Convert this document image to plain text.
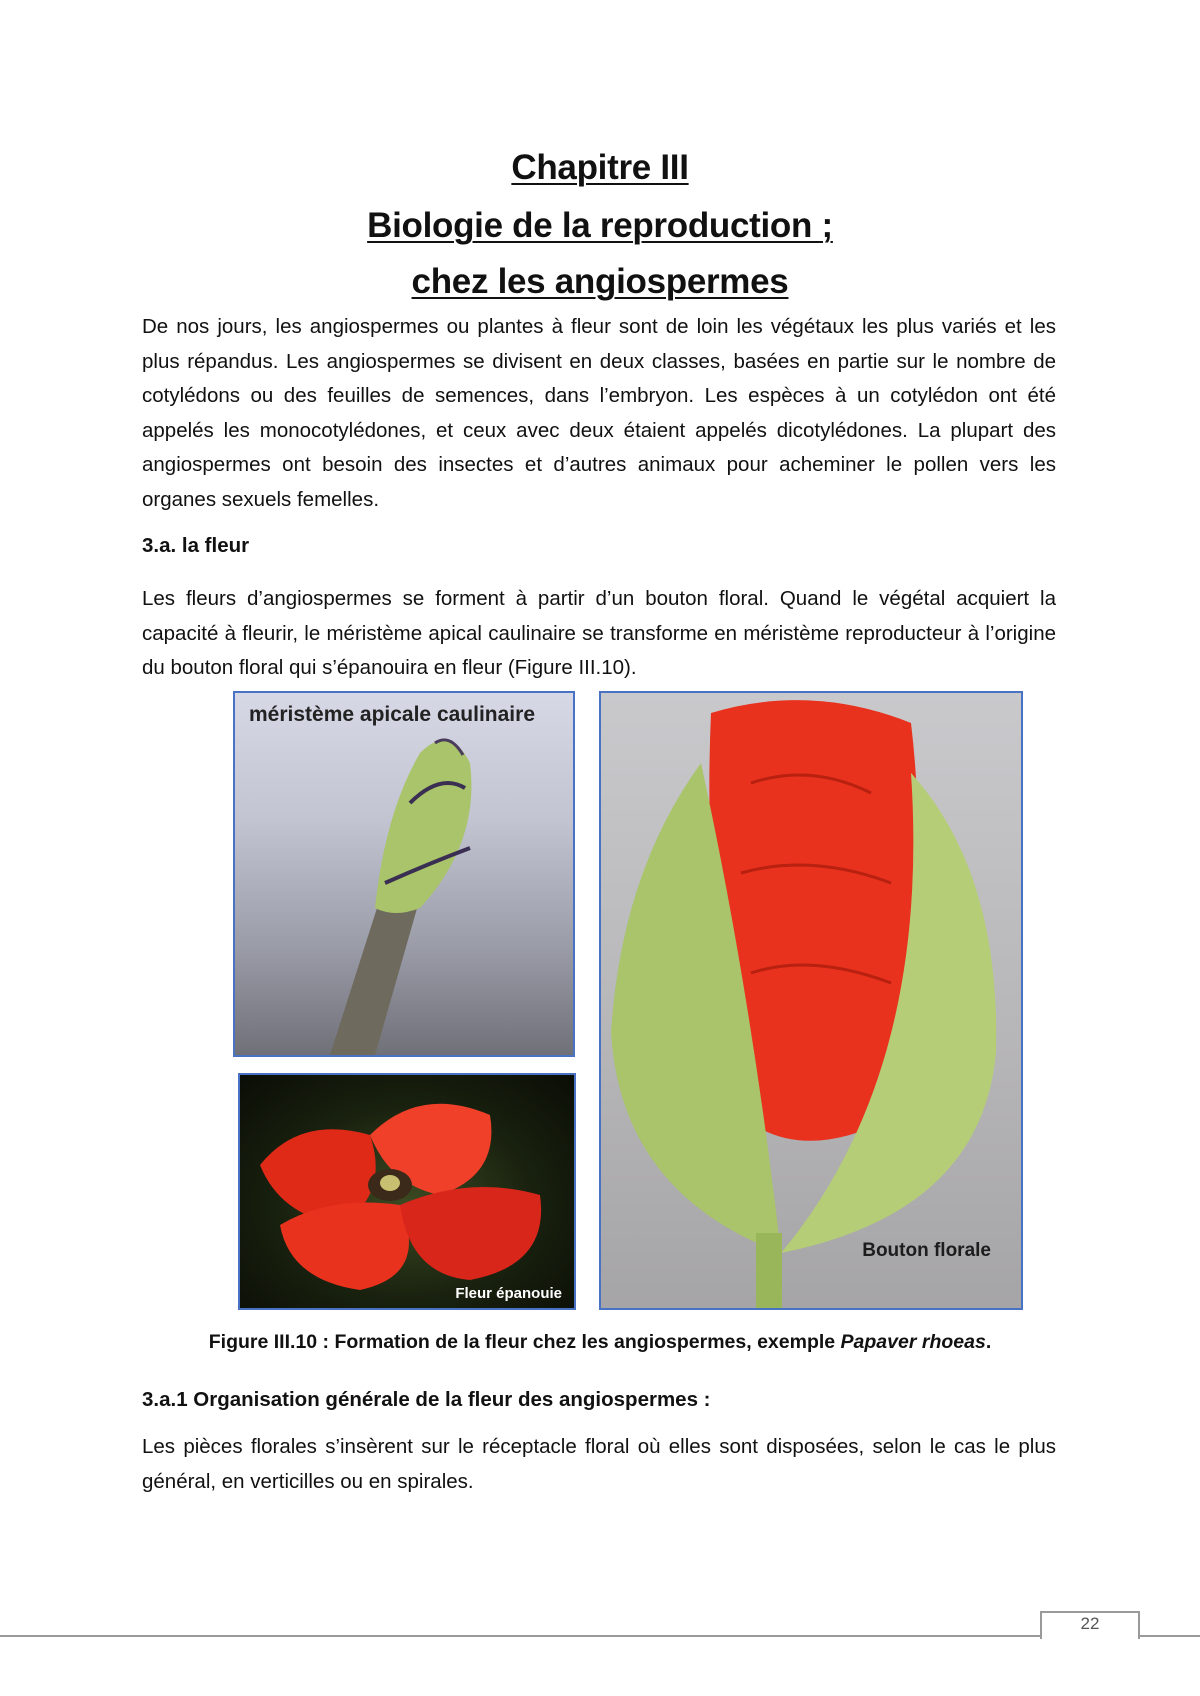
Chapitre III
Biologie de la reproduction ;
chez les angiospermes

De nos jours, les angiospermes ou plantes à fleur sont de loin les végétaux les plus variés et les plus répandus. Les angiospermes se divisent en deux classes, basées en partie sur le nombre de cotylédons ou des feuilles de semences, dans l’embryon. Les espèces à un cotylédon ont été appelés les monocotylédones, et ceux avec deux étaient appelés dicotylédones. La plupart des angiospermes ont besoin des insectes et d’autres animaux pour acheminer le pollen vers les organes sexuels femelles.

3.a. la fleur

Les fleurs d’angiospermes se forment à partir d’un bouton floral. Quand le végétal acquiert la capacité à fleurir, le méristème apical caulinaire se transforme en méristème reproducteur à l’origine du bouton floral qui s’épanouira en fleur (Figure III.10).

méristème apicale caulinaire
Fleur épanouie
Bouton florale
Figure III.10 : Formation de la fleur chez les angiospermes, exemple Papaver rhoeas.
3.a.1 Organisation générale de la fleur des angiospermes :

Les pièces florales s’insèrent sur le réceptacle floral où elles sont disposées, selon le cas le plus général, en verticilles ou en spirales.

22
